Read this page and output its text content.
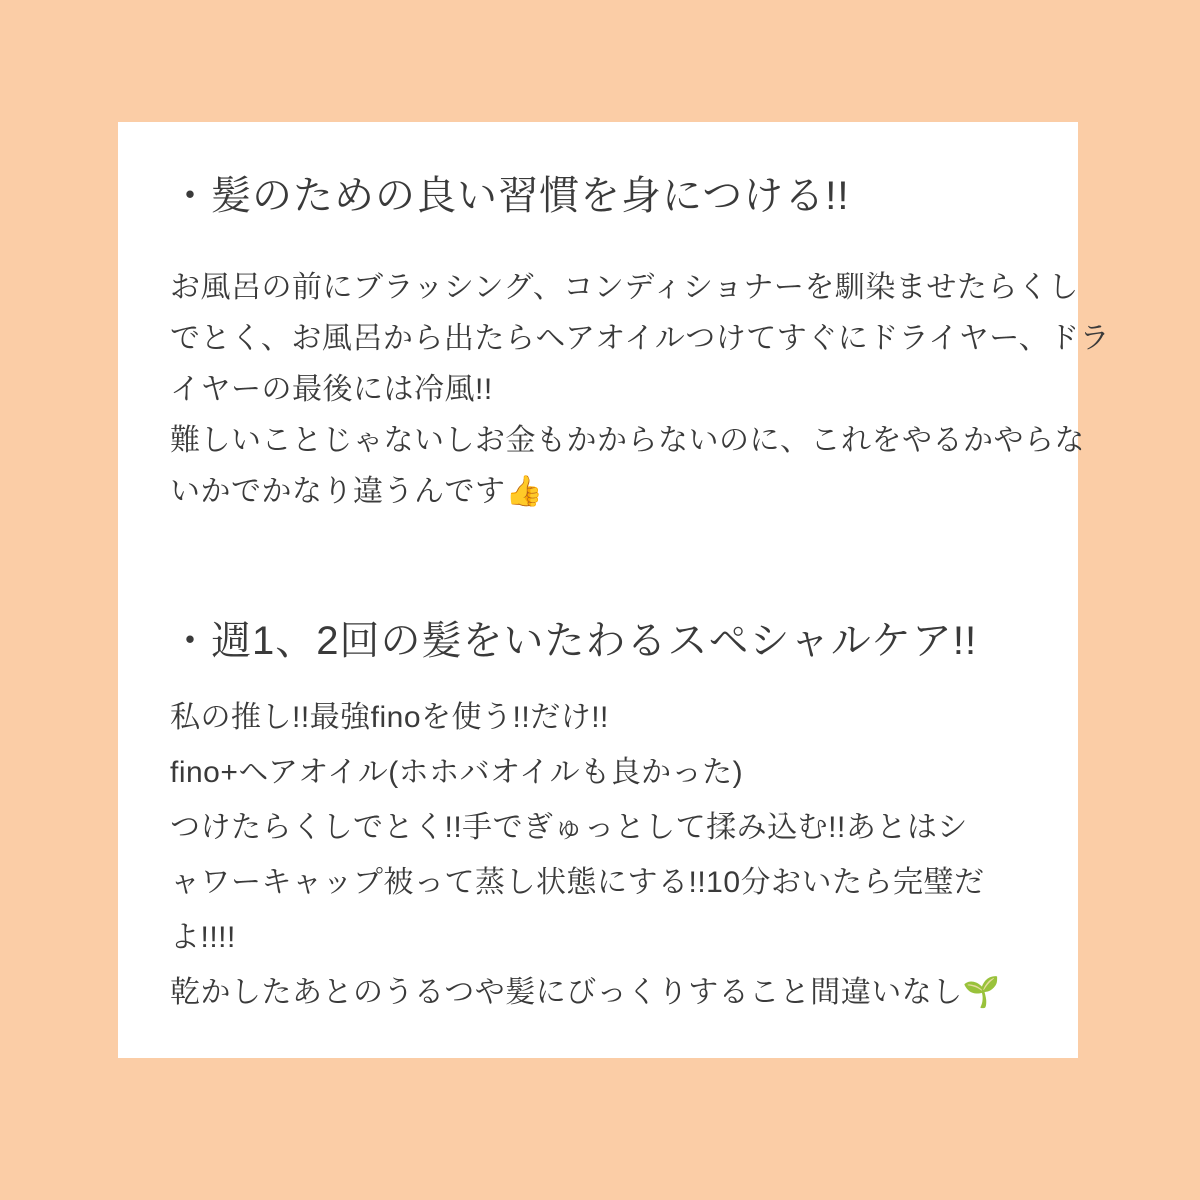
・髪のための良い習慣を身につける!!
お風呂の前にブラッシング、コンディショナーを馴染ませたらくし
でとく、お風呂から出たらヘアオイルつけてすぐにドライヤー、ドラ
イヤーの最後には冷風!!
難しいことじゃないしお金もかからないのに、これをやるかやらな
いかでかなり違うんです👍
・週1、2回の髪をいたわるスペシャルケア!!
私の推し!!最強finoを使う!!だけ!!
fino+ヘアオイル(ホホバオイルも良かった)
つけたらくしでとく!!手でぎゅっとして揉み込む!!あとはシ
ャワーキャップ被って蒸し状態にする!!10分おいたら完璧だ
よ!!!!
乾かしたあとのうるつや髪にびっくりすること間違いなし🌱
